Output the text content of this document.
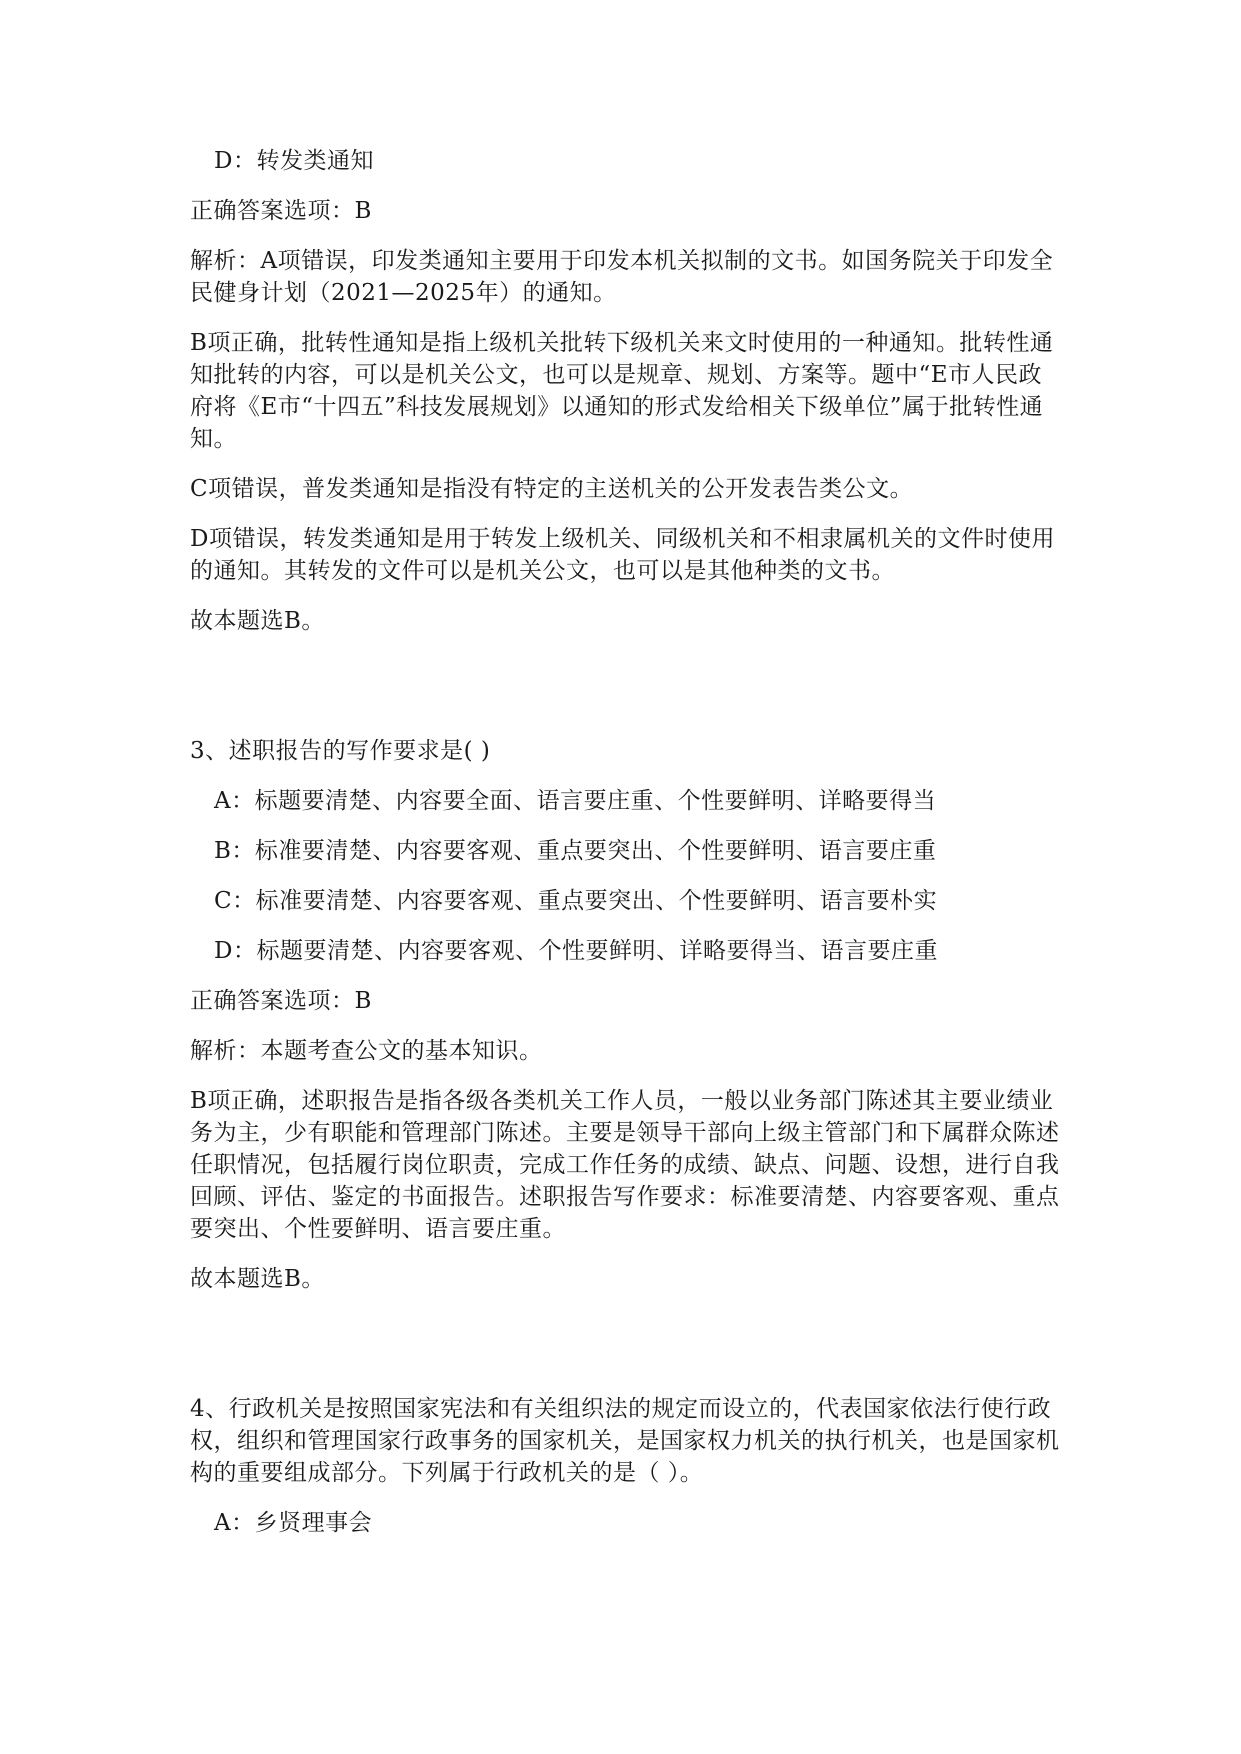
D：转发类通知
正确答案选项：B
解析：A项错误，印发类通知主要用于印发本机关拟制的文书。如国务院关于印发全民健身计划（2021—2025年）的通知。
B项正确，批转性通知是指上级机关批转下级机关来文时使用的一种通知。批转性通知批转的内容，可以是机关公文，也可以是规章、规划、方案等。题中“E市人民政府将《E市“十四五”科技发展规划》以通知的形式发给相关下级单位”属于批转性通知。
C项错误，普发类通知是指没有特定的主送机关的公开发表告类公文。
D项错误，转发类通知是用于转发上级机关、同级机关和不相隶属机关的文件时使用的通知。其转发的文件可以是机关公文，也可以是其他种类的文书。
故本题选B。
3、述职报告的写作要求是( )
A：标题要清楚、内容要全面、语言要庄重、个性要鲜明、详略要得当
B：标准要清楚、内容要客观、重点要突出、个性要鲜明、语言要庄重
C：标准要清楚、内容要客观、重点要突出、个性要鲜明、语言要朴实
D：标题要清楚、内容要客观、个性要鲜明、详略要得当、语言要庄重
正确答案选项：B
解析：本题考查公文的基本知识。
B项正确，述职报告是指各级各类机关工作人员，一般以业务部门陈述其主要业绩业务为主，少有职能和管理部门陈述。主要是领导干部向上级主管部门和下属群众陈述任职情况，包括履行岗位职责，完成工作任务的成绩、缺点、问题、设想，进行自我回顾、评估、鉴定的书面报告。述职报告写作要求：标准要清楚、内容要客观、重点要突出、个性要鲜明、语言要庄重。
故本题选B。
4、行政机关是按照国家宪法和有关组织法的规定而设立的，代表国家依法行使行政权，组织和管理国家行政事务的国家机关，是国家权力机关的执行机关，也是国家机构的重要组成部分。下列属于行政机关的是（ ）。
A：乡贤理事会
